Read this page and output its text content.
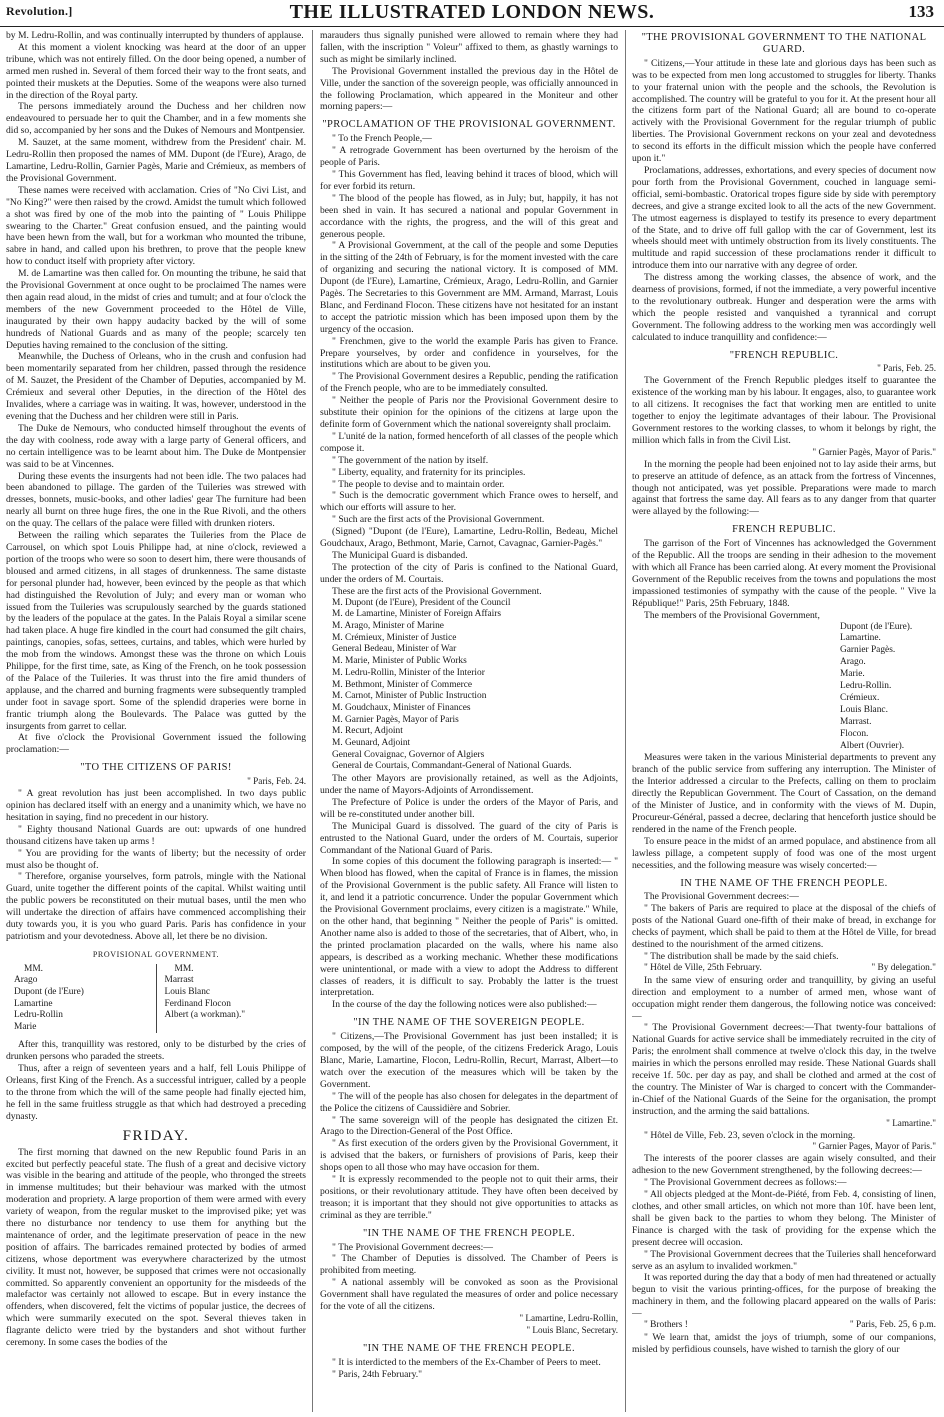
Revolution.]	THE ILLUSTRATED LONDON NEWS.	133

by M. Ledru-Rollin, and was continually interrupted by thunders of applause.

At this moment a violent knocking was heard at the door of an upper tribune, which was not entirely filled. On the door being opened, a number of armed men rushed in. Several of them forced their way to the front seats, and pointed their muskets at the Deputies. Some of the weapons were also turned in the direction of the Royal party.

The persons immediately around the Duchess and her children now endeavoured to persuade her to quit the Chamber, and in a few moments she did so, accompanied by her sons and the Dukes of Nemours and Montpensier.

M. Sauzet, at the same moment, withdrew from the President' chair. M. Ledru-Rollin then proposed the names of MM. Dupont (de l'Eure), Arago, de Lamartine, Ledru-Rollin, Garnier Pagès, Marie and Crémieux, as members of the Provisional Government.

These names were received with acclamation. Cries of "No Civi List, and "No King?" were then raised by the crowd. Amidst the tumult which followed a shot was fired by one of the mob into the painting of " Louis Philippe swearing to the Charter." Great confusion ensued, and the painting would have been hewn from the wall, but for a workman who mounted the tribune, sabre in hand, and called upon his brethren, to prove that the people knew how to conduct itself with propriety after victory.

M. de Lamartine was then called for. On mounting the tribune, he said that the Provisional Government at once ought to be proclaimed The names were then again read aloud, in the midst of cries and tumult; and at four o'clock the members of the new Government proceeded to the Hôtel de Ville, inaugurated by their own happy audacity backed by the will of some hundreds of National Guards and as many of the people; scarcely ten Deputies having remained to the conclusion of the sitting.

Meanwhile, the Duchess of Orleans, who in the crush and confusion had been momentarily separated from her children, passed through the residence of M. Sauzet, the President of the Chamber of Deputies, accompanied by M. Crémieux and several other Deputies, in the direction of the Hôtel des Invalides, where a carriage was in waiting. It was, however, understood in the evening that the Duchess and her children were still in Paris.

The Duke de Nemours, who conducted himself throughout the events of the day with coolness, rode away with a large party of General officers, and no certain intelligence was to be learnt about him. The Duke de Montpensier was said to be at Vincennes.

During these events the insurgents had not been idle. The two palaces had been abandoned to pillage. The garden of the Tuileries was strewed with dresses, bonnets, music-books, and other ladies' gear The furniture had been nearly all burnt on three huge fires, the one in the Rue Rivoli, and the others on the quay. The cellars of the palace were filled with drunken rioters.

Between the railing which separates the Tuileries from the Place de Carrousel, on which spot Louis Philippe had, at nine o'clock, reviewed a portion of the troops who were so soon to desert him, there were thousands of bloused and armed citizens, in all stages of drunkenness. The same distaste for personal plunder had, however, been evinced by the people as that which had distinguished the Revolution of July; and every man or woman who issued from the Tuileries was scrupulously searched by the guards stationed by the leaders of the populace at the gates. In the Palais Royal a similar scene had taken place. A huge fire kindled in the court had consumed the gilt chairs, paintings, canopies, sofas, settees, curtains, and tables, which were hurled by the mob from the windows. Amongst these was the throne on which Louis Philippe, for the first time, sate, as King of the French, on he took possession of the Palace of the Tuileries. It was thrust into the fire amid thunders of applause, and the charred and burning fragments were subsequently trampled under foot in savage sport. Some of the splendid draperies were borne in frantic triumph along the Boulevards. The Palace was gutted by the insurgents from garret to cellar.

At five o'clock the Provisional Government issued the following proclamation:—

"TO THE CITIZENS OF PARIS!
" Paris, Feb. 24.

" A great revolution has just been accomplished. In two days public opinion has declared itself with an energy and a unanimity which, we have no hesitation in saying, find no precedent in our history.

" Eighty thousand National Guards are out: upwards of one hundred thousand citizens have taken up arms !

" You are providing for the wants of liberty; but the necessity of order must also be thought of.

" Therefore, organise yourselves, form patrols, mingle with the National Guard, unite together the different points of the capital. Whilst waiting until the public powers be reconstituted on their mutual bases, until the men who will undertake the direction of affairs have commenced accomplishing their duty towards you, it is you who guard Paris. Paris has confidence in your patriotism and your devotedness. Above all, let there be no division.

PROVISIONAL GOVERNMENT.
MM.
Arago
Dupont (de l'Eure)
Lamartine
Ledru-Rollin
Marie
MM.
Marrast
Louis Blanc
Ferdinand Flocon
Albert (a workman)."

After this, tranquillity was restored, only to be disturbed by the cries of drunken persons who paraded the streets.

Thus, after a reign of seventeen years and a half, fell Louis Philippe of Orleans, first King of the French. As a successful intriguer, called by a people to the throne from which the will of the same people had finally ejected him, he fell in the same fruitless struggle as that which had destroyed a preceding dynasty.

FRIDAY.

The first morning that dawned on the new Republic found Paris in an excited but perfectly peaceful state. The flush of a great and decisive victory was visible in the bearing and attitude of the people, who thronged the streets in immense multitudes; but their behaviour was marked with the utmost moderation and propriety. A large proportion of them were armed with every variety of weapon, from the regular musket to the improvised pike; yet was there no disturbance nor tendency to use them for anything but the maintenance of order, and the legitimate preservation of peace in the new position of affairs. The barricades remained protected by bodies of armed citizens, whose deportment was everywhere characterized by the utmost civility. It must not, however, be supposed that crimes were not occasionally committed. So apparently convenient an opportunity for the misdeeds of the malefactor was certainly not allowed to escape. But in every instance the offenders, when discovered, felt the victims of popular justice, the decrees of which were summarily executed on the spot. Several thieves taken in flagrante delicto were tried by the bystanders and shot without further ceremony. In some cases the bodies of the

marauders thus signally punished were allowed to remain where they had fallen, with the inscription " Voleur" affixed to them, as ghastly warnings to such as might be similarly inclined.

The Provisional Government installed the previous day in the Hôtel de Ville, under the sanction of the sovereign people, was officially announced in the following Proclamation, which appeared in the Moniteur and other morning papers:—

"PROCLAMATION OF THE PROVISIONAL GOVERNMENT.

" To the French People,—

" A retrograde Government has been overturned by the heroism of the people of Paris.

" This Government has fled, leaving behind it traces of blood, which will for ever forbid its return.

" The blood of the people has flowed, as in July; but, happily, it has not been shed in vain. It has secured a national and popular Government in accordance with the rights, the progress, and the will of this great and generous people.

" A Provisional Government, at the call of the people and some Deputies in the sitting of the 24th of February, is for the moment invested with the care of organizing and securing the national victory. It is composed of MM. Dupont (de l'Eure), Lamartine, Crémieux, Arago, Ledru-Rollin, and Garnier Pagès. The Secretaries to this Government are MM. Armand, Marrast, Louis Blanc, and Ferdinand Flocon. These citizens have not hesitated for an instant to accept the patriotic mission which has been imposed upon them by the urgency of the occasion.

" Frenchmen, give to the world the example Paris has given to France. Prepare yourselves, by order and confidence in yourselves, for the institutions which are about to be given you.

" The Provisional Government desires a Republic, pending the ratification of the French people, who are to be immediately consulted.

" Neither the people of Paris nor the Provisional Government desire to substitute their opinion for the opinions of the citizens at large upon the definite form of Government which the national sovereignty shall proclaim.

" L'unité de la nation, formed henceforth of all classes of the people which compose it.

" The government of the nation by itself.

" Liberty, equality, and fraternity for its principles.

" The people to devise and to maintain order.

" Such is the democratic government which France owes to herself, and which our efforts will assure to her.

" Such are the first acts of the Provisional Government.

(Signed) "Dupont (de l'Eure), Lamartine, Ledru-Rollin, Bedeau, Michel Goudchaux, Arago, Bethmont, Marie, Carnot, Cavagnac, Garnier-Pagès."

The Municipal Guard is disbanded.

The protection of the city of Paris is confined to the National Guard, under the orders of M. Courtais.

These are the first acts of the Provisional Government.

M. Dupont (de l'Eure), President of the Council
M. de Lamartine, Minister of Foreign Affairs
M. Arago, Minister of Marine
M. Crémieux, Minister of Justice
General Bedeau, Minister of War
M. Marie, Minister of Public Works
M. Ledru-Rollin, Minister of the Interior
M. Bethmont, Minister of Commerce
M. Carnot, Minister of Public Instruction
M. Goudchaux, Minister of Finances
M. Garnier Pagès, Mayor of Paris
M. Recurt, Adjoint
M. Geunard, Adjoint
General Covaignac, Governor of Algiers
General de Courtais, Commandant-General of National Guards.

The other Mayors are provisionally retained, as well as the Adjoints, under the name of Mayors-Adjoints of Arrondissement.

The Prefecture of Police is under the orders of the Mayor of Paris, and will be re-constituted under another bill.

The Municipal Guard is dissolved. The guard of the city of Paris is entrusted to the National Guard, under the orders of M. Courtais, superior Commandant of the National Guard of Paris.

In some copies of this document the following paragraph is inserted:— " When blood has flowed, when the capital of France is in flames, the mission of the Provisional Government is the public safety. All France will listen to it, and lend it a patriotic concurrence. Under the popular Government which the Provisional Government proclaims, every citizen is a magistrate." While, on the other hand, that beginning " Neither the people of Paris" is omitted. Another name also is added to those of the secretaries, that of Albert, who, in the printed proclamation placarded on the walls, where his name also appears, is described as a working mechanic. Whether these modifications were unintentional, or made with a view to adopt the Address to different classes of readers, it is difficult to say. Probably the latter is the truest interpretation.

In the course of the day the following notices were also published:—

"IN THE NAME OF THE SOVEREIGN PEOPLE.

" Citizens,—The Provisional Government has just been installed; it is composed, by the will of the people, of the citizens Frederick Arago, Louis Blanc, Marie, Lamartine, Flocon, Ledru-Rollin, Recurt, Marrast, Albert—to watch over the execution of the measures which will be taken by the Government.

" The will of the people has also chosen for delegates in the department of the Police the citizens of Caussidière and Sobrier.

" The same sovereign will of the people has designated the citizen Et. Arago to the Direction-General of the Post Office.

" As first execution of the orders given by the Provisional Government, it is advised that the bakers, or furnishers of provisions of Paris, keep their shops open to all those who may have occasion for them.

" It is expressly recommended to the people not to quit their arms, their positions, or their revolutionary attitude. They have often been deceived by treason; it is important that they should not give opportunities to attacks as criminal as they are terrible."

"IN THE NAME OF THE FRENCH PEOPLE.

" The Provisional Government decrees:—

" The Chamber of Deputies is dissolved. The Chamber of Peers is prohibited from meeting.

" A national assembly will be convoked as soon as the Provisional Government shall have regulated the measures of order and police necessary for the vote of all the citizens.

" Lamartine, Ledru-Rollin,
" Louis Blanc, Secretary.
"IN THE NAME OF THE FRENCH PEOPLE.

" It is interdicted to the members of the Ex-Chamber of Peers to meet.

" Paris, 24th February."

"THE PROVISIONAL GOVERNMENT TO THE NATIONAL GUARD.

" Citizens,—Your attitude in these late and glorious days has been such as was to be expected from men long accustomed to struggles for liberty. Thanks to your fraternal union with the people and the schools, the Revolution is accomplished. The country will be grateful to you for it. At the present hour all the citizens form part of the National Guard; all are bound to co-operate actively with the Provisional Government for the regular triumph of public liberties. The Provisional Government reckons on your zeal and devotedness to second its efforts in the difficult mission which the people have conferred upon it."

Proclamations, addresses, exhortations, and every species of document now pour forth from the Provisional Government, couched in language semi-official, semi-bombastic. Oratorical tropes figure side by side with peremptory decrees, and give a strange excited look to all the acts of the new Government. The utmost eagerness is displayed to testify its presence to every department of the State, and to drive off full gallop with the car of Government, lest its wheels should meet with untimely obstruction from its lively constituents. The multitude and rapid succession of these proclamations render it difficult to introduce them into our narrative with any degree of order.

The distress among the working classes, the absence of work, and the dearness of provisions, formed, if not the immediate, a very powerful incentive to the revolutionary outbreak. Hunger and desperation were the arms with which the people resisted and vanquished a tyrannical and corrupt Government. The following address to the working men was accordingly well calculated to induce tranquillity and confidence:—

"FRENCH REPUBLIC.
" Paris, Feb. 25.

The Government of the French Republic pledges itself to guarantee the existence of the working man by his labour. It engages, also, to guarantee work to all citizens. It recognises the fact that working men are entitled to unite together to enjoy the legitimate advantages of their labour. The Provisional Government restores to the working classes, to whom it belongs by right, the million which falls in from the Civil List.

" Garnier Pagès, Mayor of Paris."

In the morning the people had been enjoined not to lay aside their arms, but to preserve an attitude of defence, as an attack from the fortress of Vincennes, though not anticipated, was yet possible. Preparations were made to march against that fortress the same day. All fears as to any danger from that quarter were allayed by the following:—

FRENCH REPUBLIC.

The garrison of the Fort of Vincennes has acknowledged the Government of the Republic. All the troops are sending in their adhesion to the movement with which all France has been carried along. At every moment the Provisional Government of the Republic receives from the towns and populations the most impassioned testimonies of sympathy with the cause of the people. " Vive la République!" Paris, 25th February, 1848.

The members of the Provisional Government,

Dupont (de l'Eure).
Lamartine.
Garnier Pagès.
Arago.
Marie.
Ledru-Rollin.
Crémieux.
Louis Blanc.
Marrast.
Flocon.
Albert (Ouvrier).

Measures were taken in the various Ministerial departments to prevent any branch of the public service from suffering any interruption. The Minister of the Interior addressed a circular to the Prefects, calling on them to proclaim directly the Republican Government. The Court of Cassation, on the demand of the Minister of Justice, and in conformity with the views of M. Dupin, Procureur-Général, passed a decree, declaring that henceforth justice should be rendered in the name of the French people.

To ensure peace in the midst of an armed populace, and abstinence from all lawless pillage, a competent supply of food was one of the most urgent necessities, and the following measure was wisely concerted:—

IN THE NAME OF THE FRENCH PEOPLE.

The Provisional Government decrees:—

" The bakers of Paris are required to place at the disposal of the chiefs of posts of the National Guard one-fifth of their make of bread, in exchange for checks of payment, which shall be paid to them at the Hôtel de Ville, for bread destined to the nourishment of the armed citizens.

" The distribution shall be made by the said chiefs.

" Hôtel de Ville, 25th February.	" By delegation."

In the same view of ensuring order and tranquillity, by giving an useful direction and employment to a number of armed men, whose want of occupation might render them dangerous, the following notice was conceived:—

" The Provisional Government decrees:—That twenty-four battalions of National Guards for active service shall be immediately recruited in the city of Paris; the enrolment shall commence at twelve o'clock this day, in the twelve mairies in which the persons enrolled may reside. These National Guards shall receive 1f. 50c. per day as pay, and shall be clothed and armed at the cost of the country. The Minister of War is charged to concert with the Commander-in-Chief of the National Guards of the Seine for the organisation, the prompt instruction, and the arming the said battalions.

" Lamartine."

" Hôtel de Ville, Feb. 23, seven o'clock in the morning.

" Garnier Pages, Mayor of Paris."

The interests of the poorer classes are again wisely consulted, and their adhesion to the new Government strengthened, by the following decrees:—

" The Provisional Government decrees as follows:—

" All objects pledged at the Mont-de-Piété, from Feb. 4, consisting of linen, clothes, and other small articles, on which not more than 10f. have been lent, shall be given back to the parties to whom they belong. The Minister of Finance is charged with the task of providing for the expense which the present decree will occasion.

" The Provisional Government decrees that the Tuileries shall henceforward serve as an asylum to invalided workmen."

It was reported during the day that a body of men had threatened or actually begun to visit the various printing-offices, for the purpose of breaking the machinery in them, and the following placard appeared on the walls of Paris:—

" Brothers !	" Paris, Feb. 25, 6 p.m.

" We learn that, amidst the joys of triumph, some of our companions, misled by perfidious counsels, have wished to tarnish the glory of our
